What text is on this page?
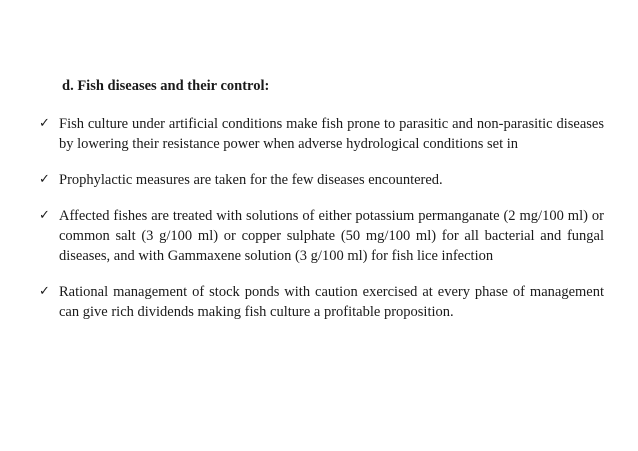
d. Fish diseases and their control:
✓ Fish culture under artificial conditions make fish prone to parasitic and non-parasitic diseases by lowering their resistance power when adverse hydrological conditions set in
✓ Prophylactic measures are taken for the few diseases encountered.
✓ Affected fishes are treated with solutions of either potassium permanganate (2 mg/100 ml) or common salt (3 g/100 ml) or copper sulphate (50 mg/100 ml) for all bacterial and fungal diseases, and with Gammaxene solution (3 g/100 ml) for fish lice infection
✓ Rational management of stock ponds with caution exercised at every phase of management can give rich dividends making fish culture a profitable proposition.
